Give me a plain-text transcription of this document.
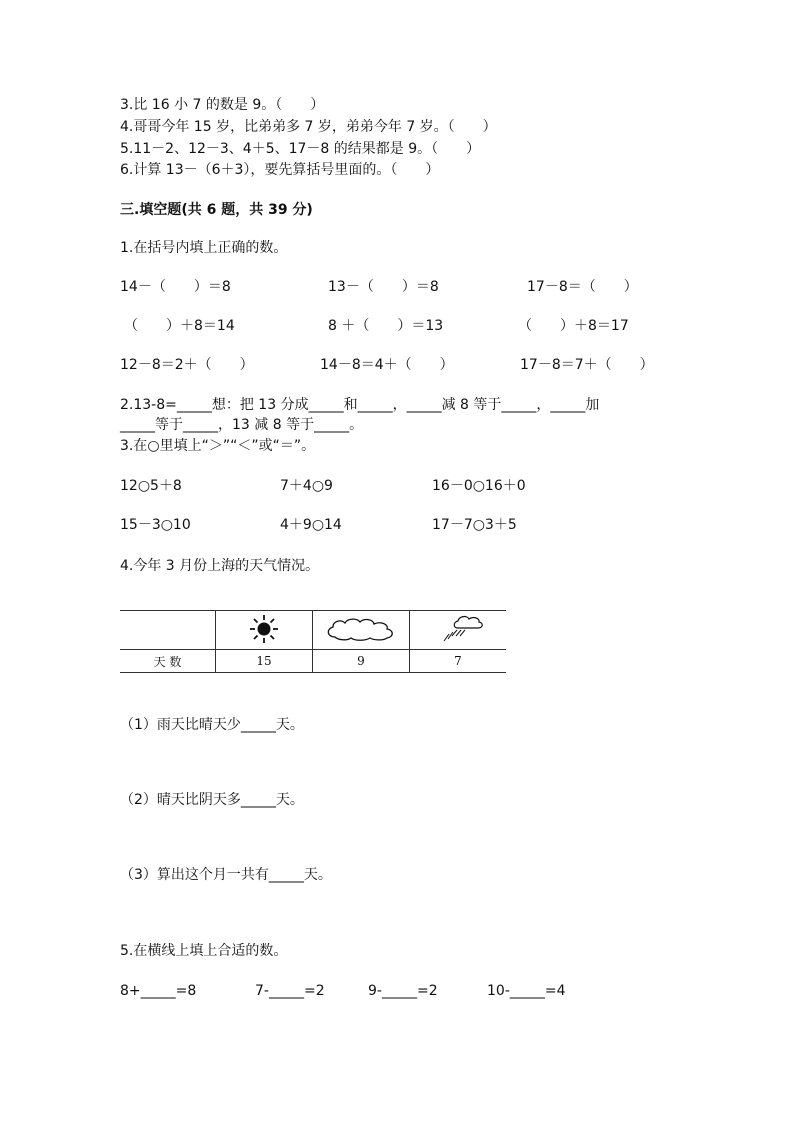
3.比 16 小 7 的数是 9。（　　）
4.哥哥今年 15 岁，比弟弟多 7 岁，弟弟今年 7 岁。（　　）
5.11－2、12－3、4＋5、17－8 的结果都是 9。（　　）
6.计算 13－（6＋3），要先算括号里面的。（　　）
三.填空题(共 6 题，共 39 分)
1.在括号内填上正确的数。
14－（　　）＝8	13－（　　）＝8	17－8＝（　　）
（　　）＋8＝14	8 ＋（　　）＝13	（　　）＋8＝17
12－8＝2＋（　　）	14－8＝4＋（　　）	17－8＝7＋（　　）
2.13-8=_____想：把 13 分成_____和_____，_____减 8 等于_____，_____加
_____等于_____，13 减 8 等于_____。
3.在○里填上“＞”“＜”或“＝”。
12○5＋8	7＋4○9	16－0○16＋0
15－3○10	4＋9○14	17－7○3＋5
4.今年 3 月份上海的天气情况。

天 数	15	9	7
（1）雨天比晴天少_____天。
（2）晴天比阴天多_____天。
（3）算出这个月一共有_____天。
5.在横线上填上合适的数。
8+_____=8	7-_____=2	9-_____=2	10-_____=4
